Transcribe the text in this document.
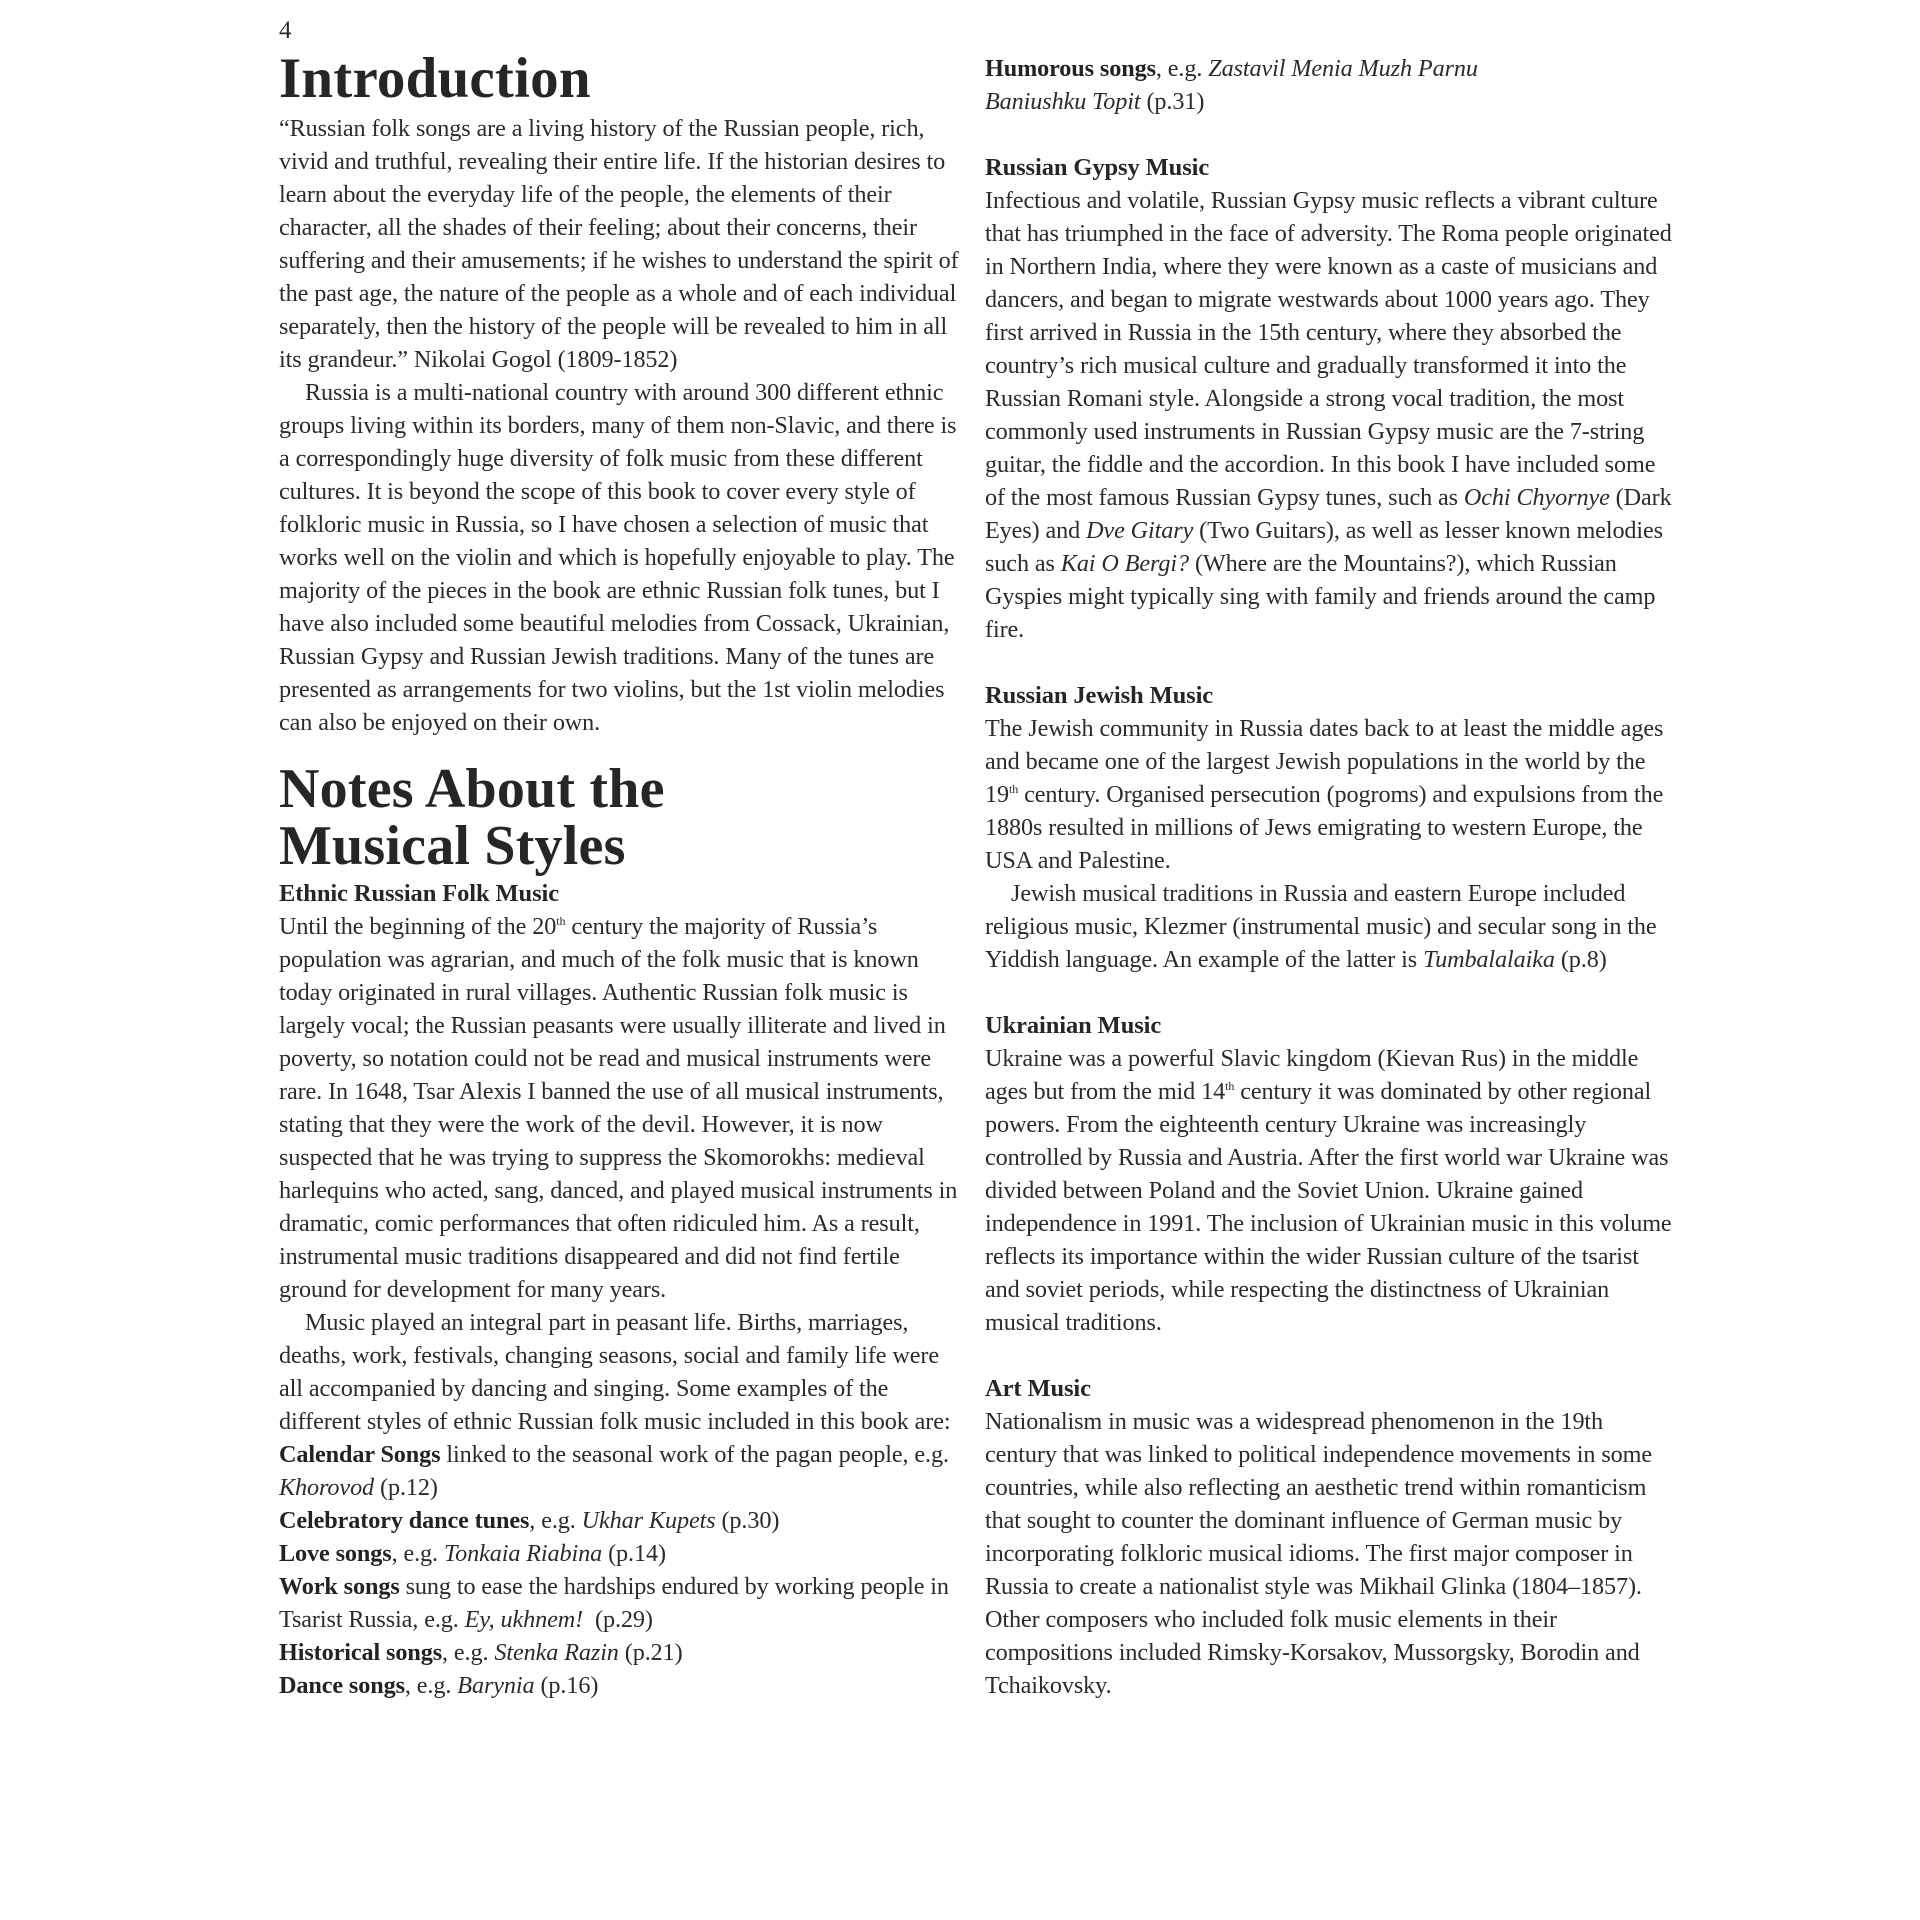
4
Introduction

“Russian folk songs are a living history of the Russian people, rich, vivid and truthful, revealing their entire life. If the historian desires to learn about the everyday life of the people, the elements of their character, all the shades of their feeling; about their concerns, their suffering and their amusements; if he wishes to understand the spirit of the past age, the nature of the people as a whole and of each individual separately, then the history of the people will be revealed to him in all its grandeur.” Nikolai Gogol (1809-1852)

Russia is a multi-national country with around 300 different ethnic groups living within its borders, many of them non-Slavic, and there is a correspondingly huge diversity of folk music from these different cultures. It is beyond the scope of this book to cover every style of folkloric music in Russia, so I have chosen a selection of music that works well on the violin and which is hopefully enjoyable to play. The majority of the pieces in the book are ethnic Russian folk tunes, but I have also included some beautiful melodies from Cossack, Ukrainian, Russian Gypsy and Russian Jewish traditions. Many of the tunes are presented as arrangements for two violins, but the 1st violin melodies can also be enjoyed on their own.

Notes About the
Musical Styles
Ethnic Russian Folk Music

Until the beginning of the 20th century the majority of Russia’s population was agrarian, and much of the folk music that is known today originated in rural villages. Authentic Russian folk music is largely vocal; the Russian peasants were usually illiterate and lived in poverty, so notation could not be read and musical instruments were rare. In 1648, Tsar Alexis I banned the use of all musical instruments, stating that they were the work of the devil. However, it is now suspected that he was trying to suppress the Skomorokhs: medieval harlequins who acted, sang, danced, and played musical instruments in dramatic, comic performances that often ridiculed him. As a result, instrumental music traditions disappeared and did not find fertile ground for development for many years.

Music played an integral part in peasant life. Births, marriages, deaths, work, festivals, changing seasons, social and family life were all accompanied by dancing and singing. Some examples of the different styles of ethnic Russian folk music included in this book are:

Calendar Songs linked to the seasonal work of the pagan people, e.g. Khorovod (p.12)

Celebratory dance tunes, e.g. Ukhar Kupets (p.30)

Love songs, e.g. Tonkaia Riabina (p.14)

Work songs sung to ease the hardships endured by working people in Tsarist Russia, e.g. Ey, ukhnem!  (p.29)

Historical songs, e.g. Stenka Razin (p.21)

Dance songs, e.g. Barynia (p.16)

Humorous songs, e.g. Zastavil Menia Muzh Parnu Baniushku Topit (p.31)

Russian Gypsy Music

Infectious and volatile, Russian Gypsy music reflects a vibrant culture that has triumphed in the face of adversity. The Roma people originated in Northern India, where they were known as a caste of musicians and dancers, and began to migrate westwards about 1000 years ago. They first arrived in Russia in the 15th century, where they absorbed the country’s rich musical culture and gradually transformed it into the Russian Romani style. Alongside a strong vocal tradition, the most commonly used instruments in Russian Gypsy music are the 7-string guitar, the fiddle and the accordion. In this book I have included some of the most famous Russian Gypsy tunes, such as Ochi Chyornye (Dark Eyes) and Dve Gitary (Two Guitars), as well as lesser known melodies such as Kai O Bergi? (Where are the Mountains?), which Russian Gyspies might typically sing with family and friends around the camp fire.

Russian Jewish Music

The Jewish community in Russia dates back to at least the middle ages and became one of the largest Jewish populations in the world by the 19th century. Organised persecution (pogroms) and expulsions from the 1880s resulted in millions of Jews emigrating to western Europe, the USA and Palestine.

Jewish musical traditions in Russia and eastern Europe included religious music, Klezmer (instrumental music) and secular song in the Yiddish language. An example of the latter is Tumbalalaika (p.8)

Ukrainian Music

Ukraine was a powerful Slavic kingdom (Kievan Rus) in the middle ages but from the mid 14th century it was dominated by other regional powers. From the eighteenth century Ukraine was increasingly controlled by Russia and Austria. After the first world war Ukraine was divided between Poland and the Soviet Union. Ukraine gained independence in 1991. The inclusion of Ukrainian music in this volume reflects its importance within the wider Russian culture of the tsarist and soviet periods, while respecting the distinctness of Ukrainian musical traditions.

Art Music

Nationalism in music was a widespread phenomenon in the 19th century that was linked to political independence movements in some countries, while also reflecting an aesthetic trend within romanticism that sought to counter the dominant influence of German music by incorporating folkloric musical idioms. The first major composer in Russia to create a nationalist style was Mikhail Glinka (1804–1857). Other composers who included folk music elements in their compositions included Rimsky-Korsakov, Mussorgsky, Borodin and Tchaikovsky.
